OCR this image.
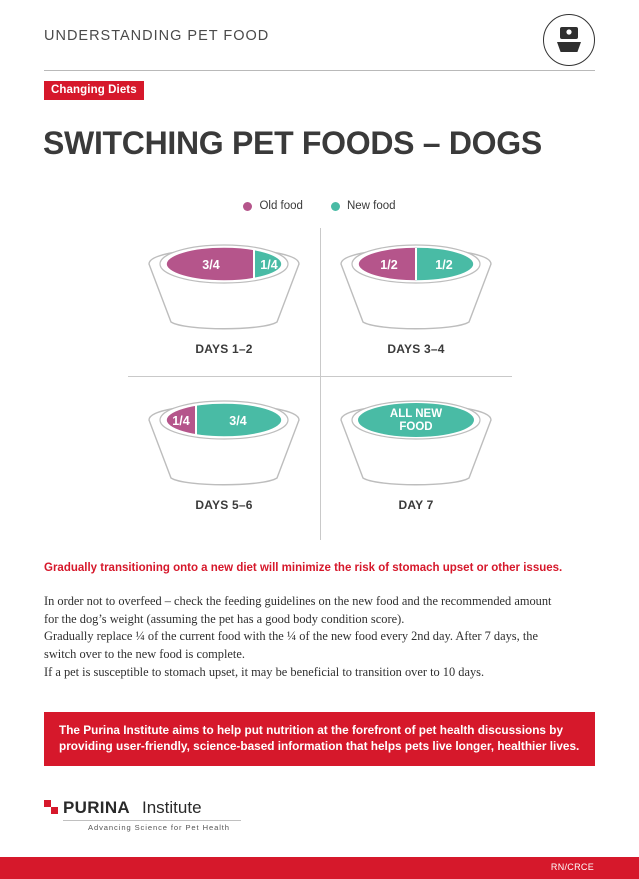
UNDERSTANDING PET FOOD
Changing Diets
SWITCHING PET FOODS – DOGS
Old food	New food
3/4	1/4
DAYS 1–2
1/2	1/2
DAYS 3–4
1/4	3/4
DAYS 5–6
ALL NEW
FOOD
DAY 7
Gradually transitioning onto a new diet will minimize the risk of stomach upset or other issues.
In order not to overfeed – check the feeding guidelines on the new food and the recommended amount for the dog’s weight (assuming the pet has a good body condition score).
Gradually replace ¼ of the current food with the ¼ of the new food every 2nd day. After 7 days, the switch over to the new food is complete.
If a pet is susceptible to stomach upset, it may be beneficial to transition over to 10 days.
The Purina Institute aims to help put nutrition at the forefront of pet health discussions by providing user-friendly, science-based information that helps pets live longer, healthier lives.
PURINA Institute
Advancing Science for Pet Health
RN/CRCE
